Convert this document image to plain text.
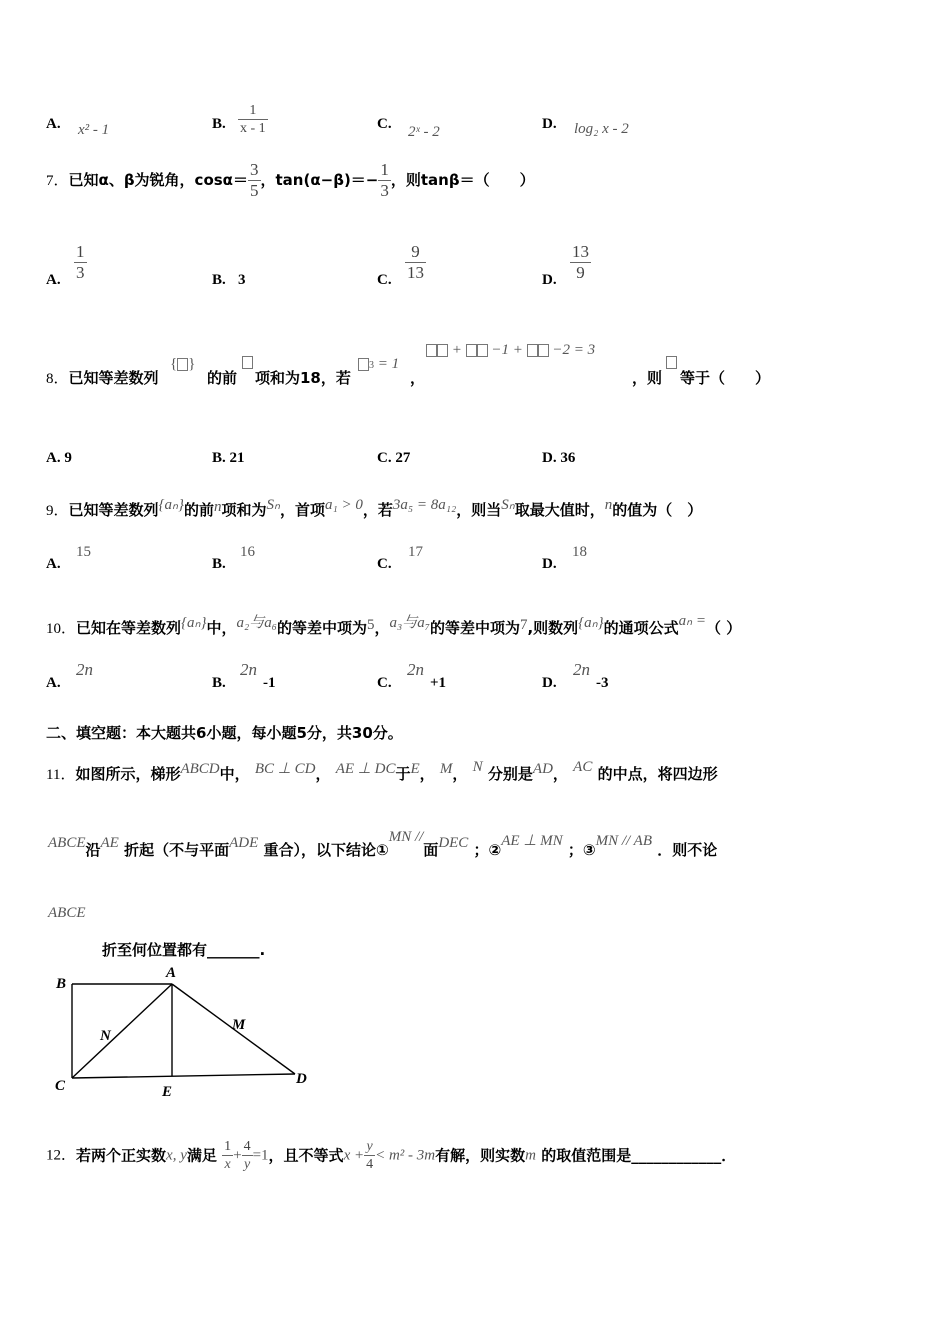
A. x² - 1	B. $\frac{1}{x - 1}$	C. 2ˣ - 2	D. log₂ x - 2
7．已知α、β为锐角，$\cos\alpha= \frac{3}{5}$ ，$\tan(\alpha-\beta)=- \frac{1}{3}$ ，则tanβ＝（　　）
A. $\frac{1}{3}$	B. 3	C. $\frac{9}{13}$	D. $\frac{13}{9}$
8．已知等差数列
{ }
的前 项和为18，若
3 = 1
，
+ −1 + −2 = 3
，则 等于（　　）
A. 9	B. 21	C. 27	D. 36
9．已知等差数列{aₙ}的前n项和为Sₙ，首项a₁ > 0，若3a₅ = 8a₁₂，则当Sₙ取最大值时，n的值为（　）
A.
15
B.
16
C.
17
D.
18
10．已知在等差数列{aₙ}中，a₂与a₆的等差中项为5，a₃与a₇的等差中项为7,则数列{aₙ}的通项公式aₙ =（ ）
A.
2n
B.
2n
-1	C.
2n
+1	D.
2n
-3
二、填空题：本大题共6小题，每小题5分，共30分。
11．如图所示，梯形ABCD中， BC ⊥ CD， AE ⊥ DC于E， M， N 分别是AD， AC 的中点，将四边形
ABCE沿AE 折起（不与平面ADE 重合），以下结论①MN //面DEC ；②AE ⊥ MN ；③MN // AB ．则不论
ABCE
折至何位置都有_______.
B
A
N
M
C	E
D
12．若两个正实数x, y满足 $\frac{1}{x} + \frac{4}{y} =1$，且不等式$x + \frac{y}{4} < m^2 - 3m$有解，则实数m 的取值范围是____________．
